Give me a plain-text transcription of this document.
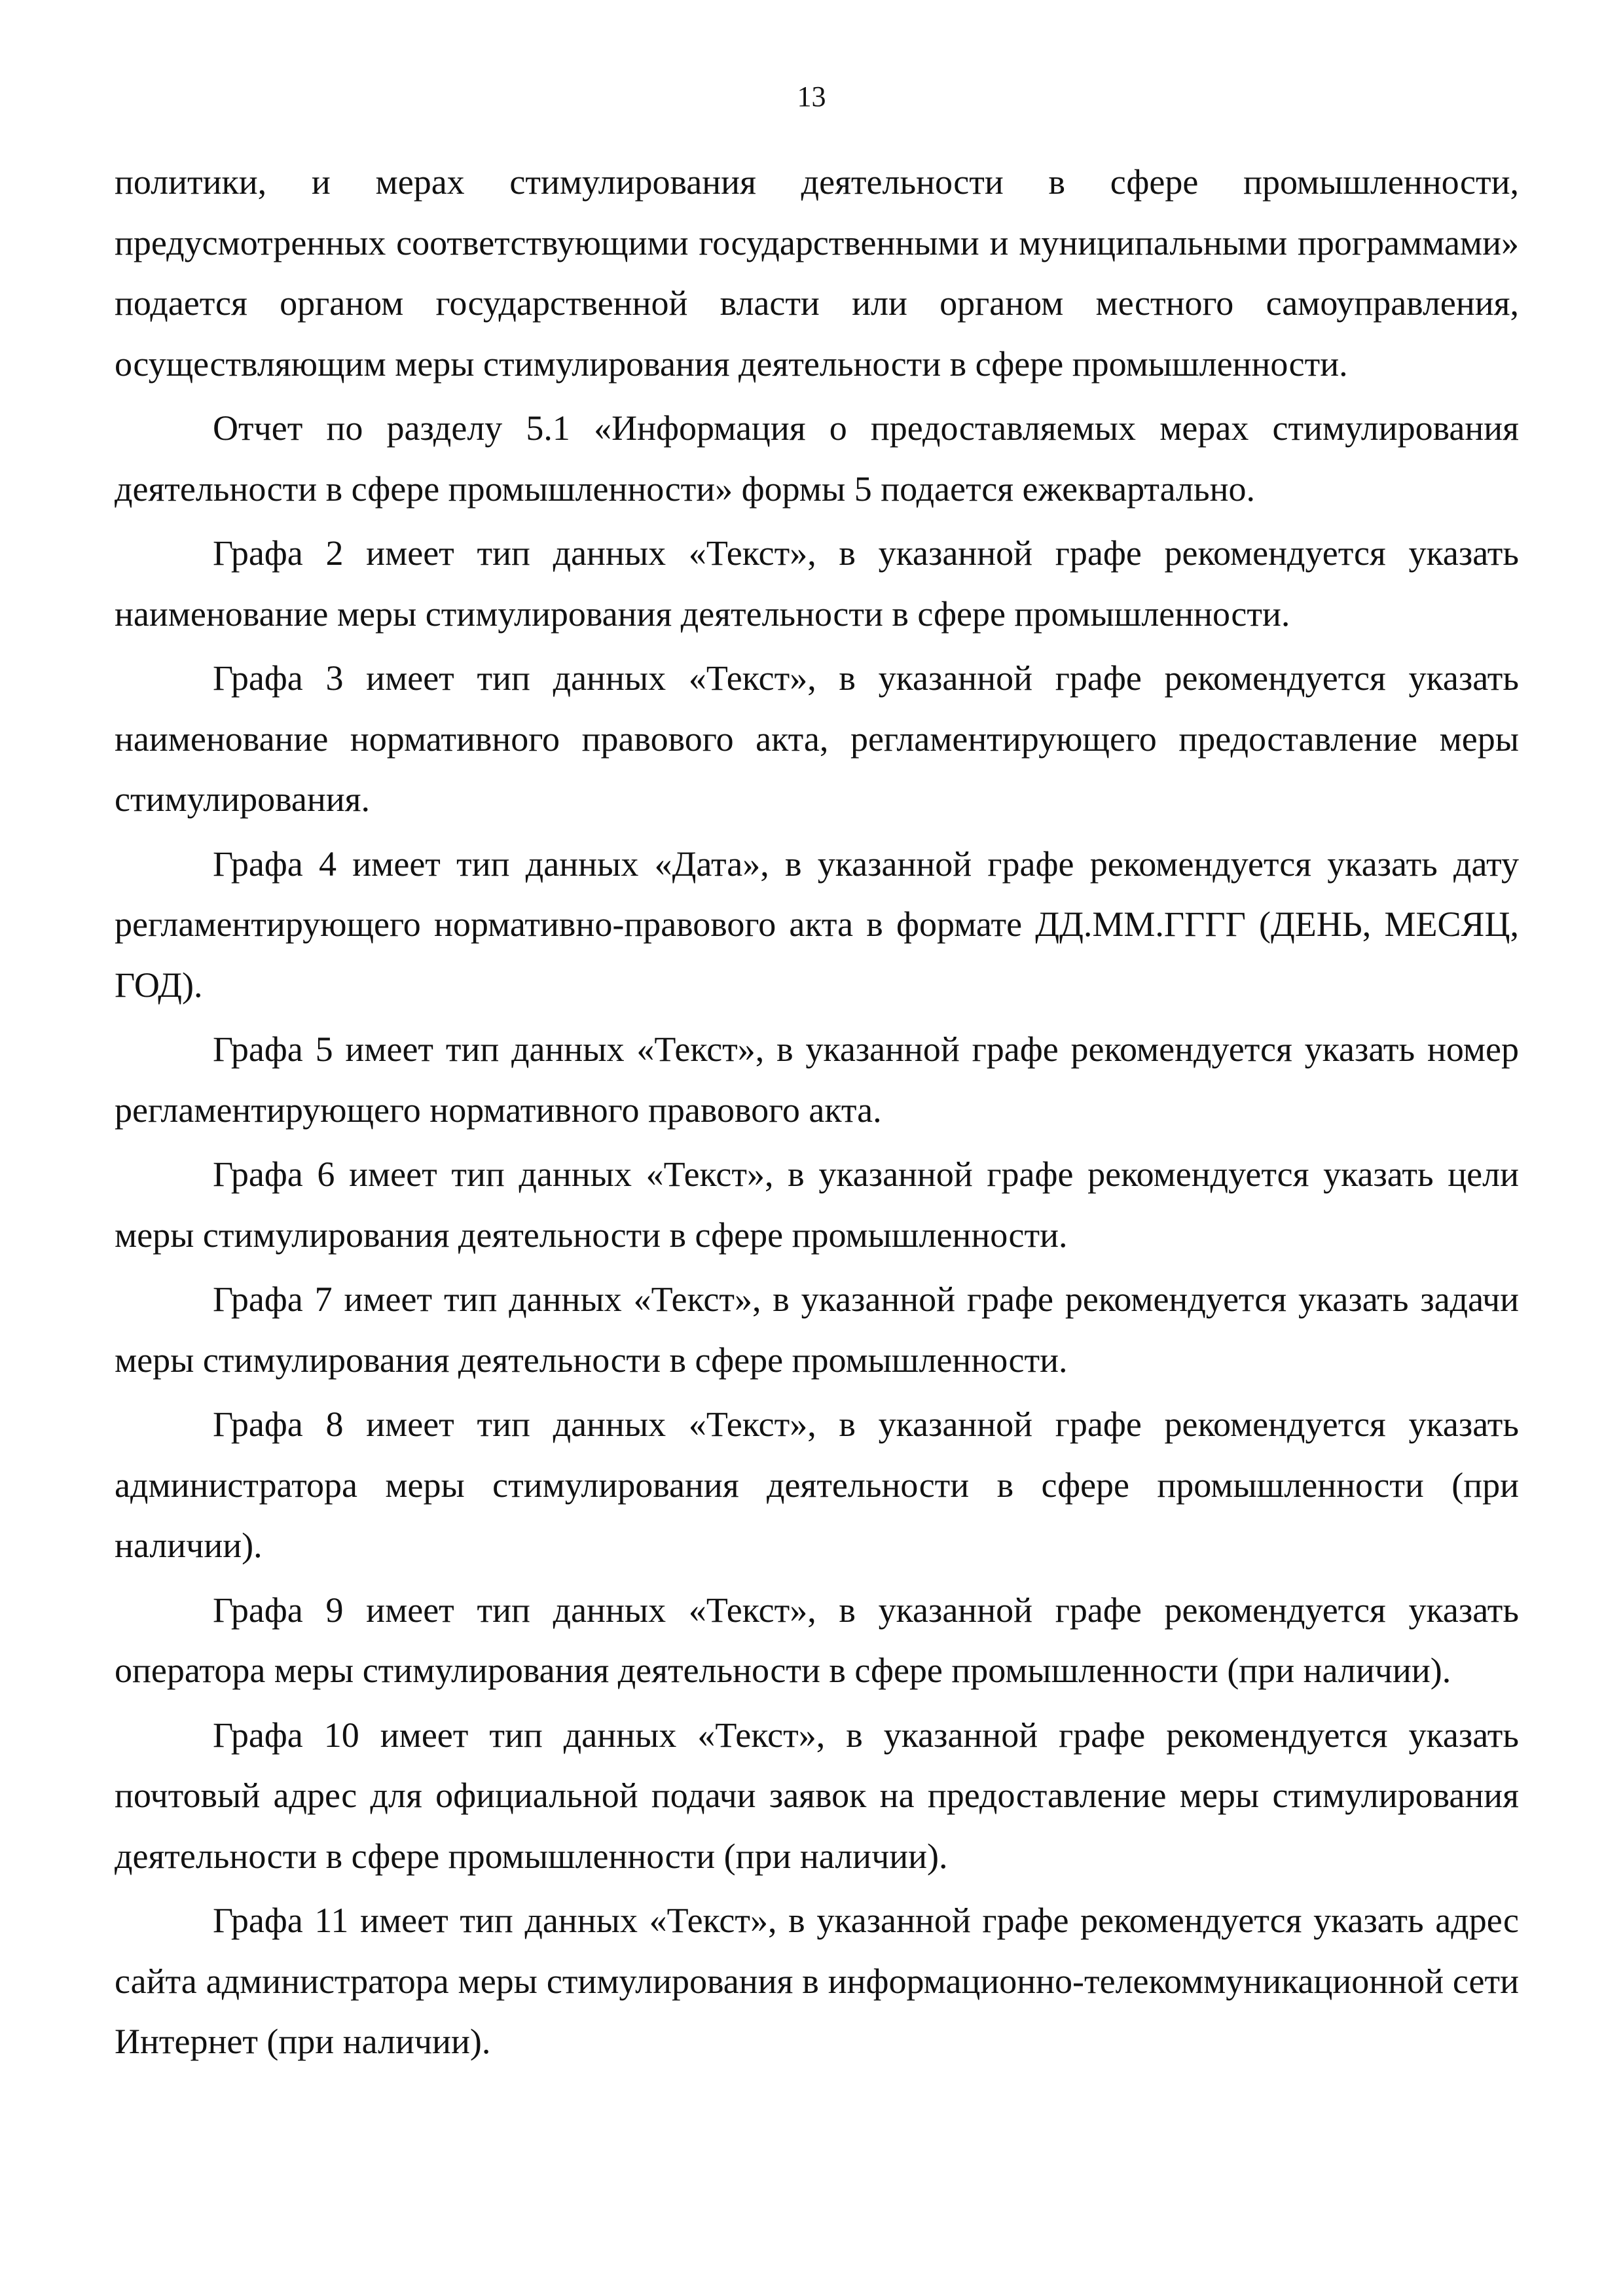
13

политики, и мерах стимулирования деятельности в сфере промышленности, предусмотренных соответствующими государственными и муниципальными программами» подается органом государственной власти или органом местного самоуправления, осуществляющим меры стимулирования деятельности в сфере промышленности.

Отчет по разделу 5.1 «Информация о предоставляемых мерах стимулирования деятельности в сфере промышленности» формы 5 подается ежеквартально.

Графа 2 имеет тип данных «Текст», в указанной графе рекомендуется указать наименование меры стимулирования деятельности в сфере промышленности.

Графа 3 имеет тип данных «Текст», в указанной графе рекомендуется указать наименование нормативного правового акта, регламентирующего предоставление меры стимулирования.

Графа 4 имеет тип данных «Дата», в указанной графе рекомендуется указать дату регламентирующего нормативно-правового акта в формате ДД.ММ.ГГГГ (ДЕНЬ, МЕСЯЦ, ГОД).

Графа 5 имеет тип данных «Текст», в указанной графе рекомендуется указать номер регламентирующего нормативного правового акта.

Графа 6 имеет тип данных «Текст», в указанной графе рекомендуется указать цели меры стимулирования деятельности в сфере промышленности.

Графа 7 имеет тип данных «Текст», в указанной графе рекомендуется указать задачи меры стимулирования деятельности в сфере промышленности.

Графа 8 имеет тип данных «Текст», в указанной графе рекомендуется указать администратора меры стимулирования деятельности в сфере промышленности (при наличии).

Графа 9 имеет тип данных «Текст», в указанной графе рекомендуется указать оператора меры стимулирования деятельности в сфере промышленности (при наличии).

Графа 10 имеет тип данных «Текст», в указанной графе рекомендуется указать почтовый адрес для официальной подачи заявок на предоставление меры стимулирования деятельности в сфере промышленности (при наличии).

Графа 11 имеет тип данных «Текст», в указанной графе рекомендуется указать адрес сайта администратора меры стимулирования в информационно-телекоммуникационной сети Интернет (при наличии).
